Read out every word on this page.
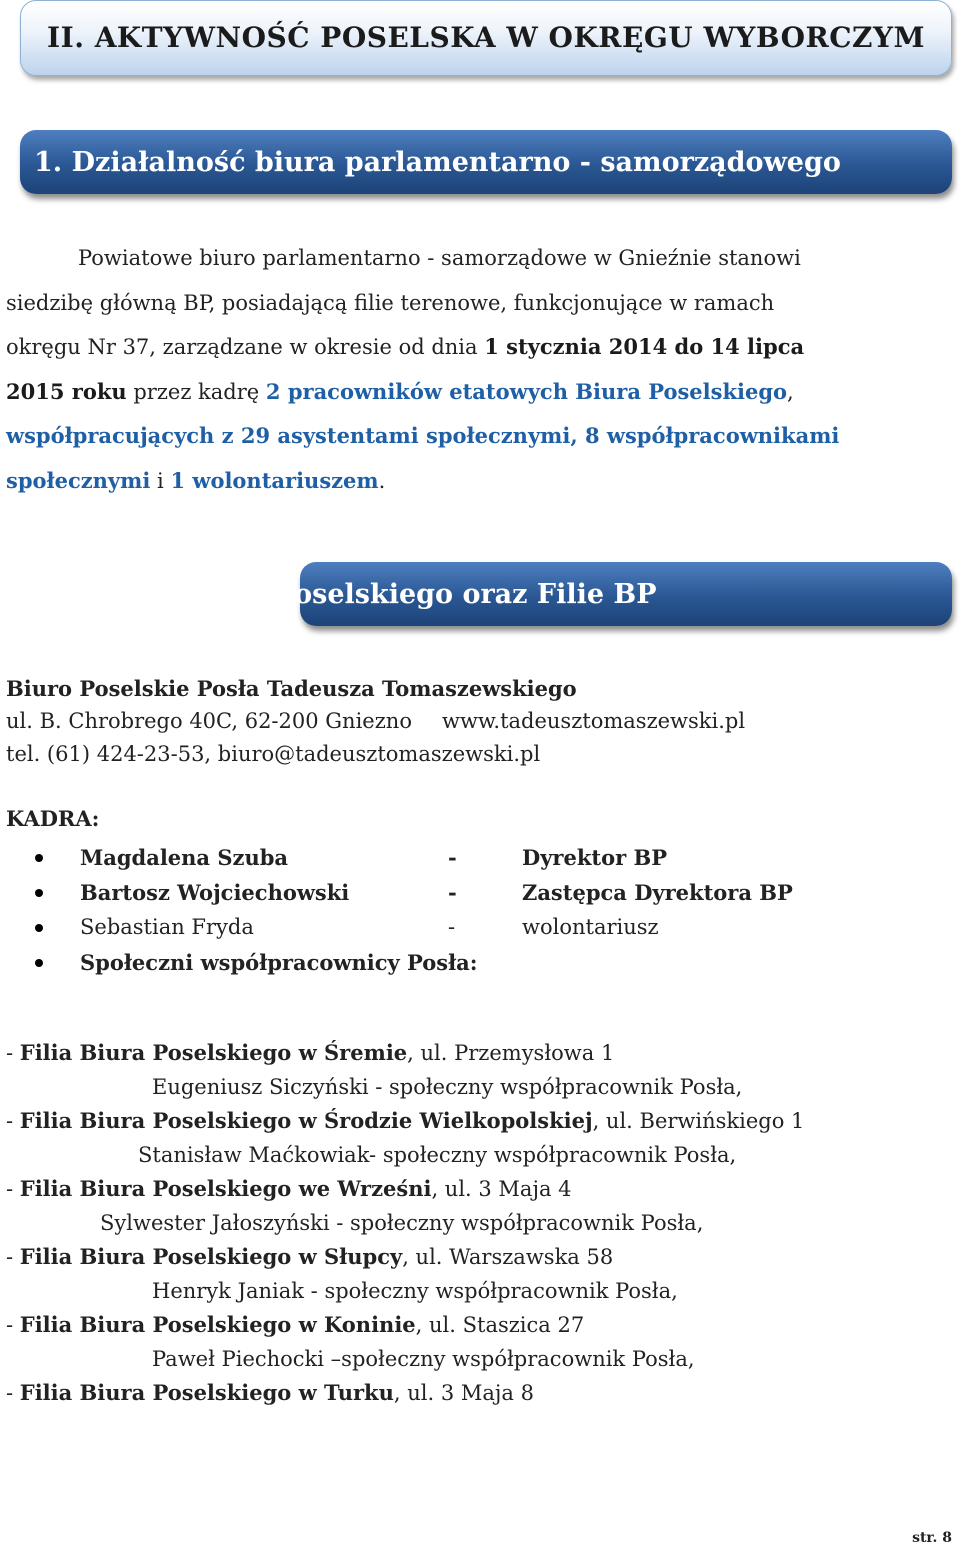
II. AKTYWNOŚĆ POSELSKA W OKRĘGU WYBORCZYM
1. Działalność biura parlamentarno - samorządowego
Powiatowe biuro parlamentarno - samorządowe w Gnieźnie stanowi
siedzibę główną BP, posiadającą filie terenowe, funkcjonujące w ramach
okręgu Nr 37, zarządzane w okresie od dnia 1 stycznia 2014 do 14 lipca
2015 roku przez kadrę 2 pracowników etatowych Biura Poselskiego,
współpracujących z 29 asystentami społecznymi, 8 współpracownikami
społecznymi i 1 wolontariuszem.
2. Siedziba Biura Poselskiego oraz Filie BP
Biuro Poselskie Posła Tadeusza Tomaszewskiego
ul. B. Chrobrego 40C, 62-200 Gniezno www.tadeusztomaszewski.pl
tel. (61) 424-23-53, biuro@tadeusztomaszewski.pl
KADRA:
Magdalena Szuba	-	Dyrektor BP
Bartosz Wojciechowski	-	Zastępca Dyrektora BP
Sebastian Fryda	-	wolontariusz
Społeczni współpracownicy Posła:
- Filia Biura Poselskiego w Śremie, ul. Przemysłowa 1
Eugeniusz Siczyński - społeczny współpracownik Posła,
- Filia Biura Poselskiego w Środzie Wielkopolskiej, ul. Berwińskiego 1
Stanisław Maćkowiak- społeczny współpracownik Posła,
- Filia Biura Poselskiego we Wrześni, ul. 3 Maja 4
Sylwester Jałoszyński - społeczny współpracownik Posła,
- Filia Biura Poselskiego w Słupcy, ul. Warszawska 58
Henryk Janiak - społeczny współpracownik Posła,
- Filia Biura Poselskiego w Koninie, ul. Staszica 27
Paweł Piechocki –społeczny współpracownik Posła,
- Filia Biura Poselskiego w Turku, ul. 3 Maja 8
str. 8
